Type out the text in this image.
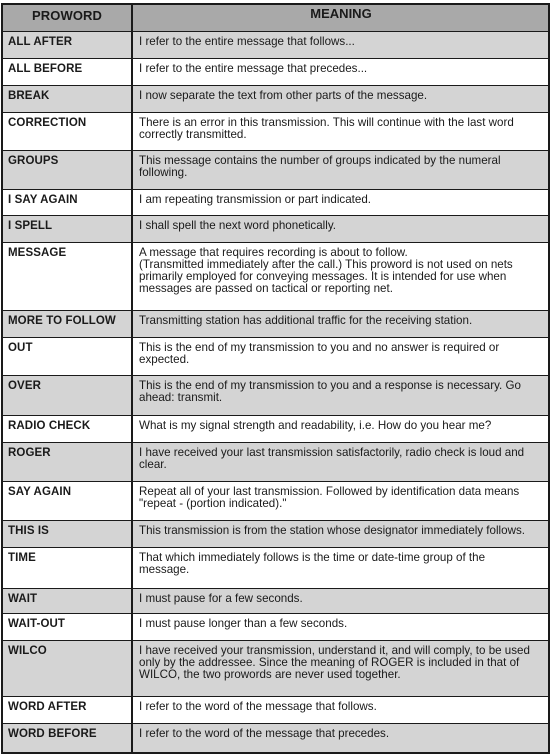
PROWORD	MEANING
ALL AFTER	I refer to the entire message that follows...
ALL BEFORE	I refer to the entire message that precedes...
BREAK	I now separate the text from other parts of the message.
CORRECTION	There is an error in this transmission. This will continue with the last word
correctly transmitted.
GROUPS	This message contains the number of groups indicated by the numeral
following.
I SAY AGAIN	I am repeating transmission or part indicated.
I SPELL	I shall spell the next word phonetically.
MESSAGE	A message that requires recording is about to follow.
(Transmitted immediately after the call.) This proword is not used on nets
primarily employed for conveying messages. It is intended for use when
messages are passed on tactical or reporting net.
MORE TO FOLLOW	Transmitting station has additional traffic for the receiving station.
OUT	This is the end of my transmission to you and no answer is required or
expected.
OVER	This is the end of my transmission to you and a response is necessary. Go
ahead: transmit.
RADIO CHECK	What is my signal strength and readability, i.e. How do you hear me?
ROGER	I have received your last transmission satisfactorily, radio check is loud and
clear.
SAY AGAIN	Repeat all of your last transmission. Followed by identification data means
"repeat - (portion indicated)."
THIS IS	This transmission is from the station whose designator immediately follows.
TIME	That which immediately follows is the time or date-time group of the
message.
WAIT	I must pause for a few seconds.
WAIT-OUT	I must pause longer than a few seconds.
WILCO	I have received your transmission, understand it, and will comply, to be used
only by the addressee. Since the meaning of ROGER is included in that of
WILCO, the two prowords are never used together.
WORD AFTER	I refer to the word of the message that follows.
WORD BEFORE	I refer to the word of the message that precedes.
